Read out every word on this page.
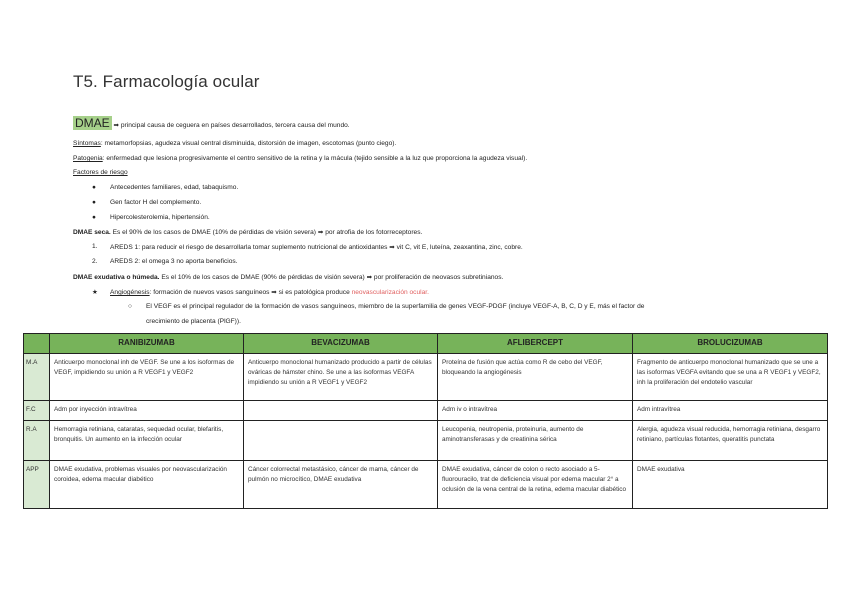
T5. Farmacología ocular
DMAE ➡ principal causa de ceguera en países desarrollados, tercera causa del mundo.
Síntomas: metamorfopsias, agudeza visual central disminuida, distorsión de imagen, escotomas (punto ciego).
Patogenia: enfermedad que lesiona progresivamente el centro sensitivo de la retina y la mácula (tejido sensible a la luz que proporciona la agudeza visual).
Factores de riesgo
● Antecedentes familiares, edad, tabaquismo.
● Gen factor H del complemento.
● Hipercolesterolemia, hipertensión.
DMAE seca. Es el 90% de los casos de DMAE (10% de pérdidas de visión severa) ➡ por atrofia de los fotorreceptores.
1. AREDS 1: para reducir el riesgo de desarrollarla tomar suplemento nutricional de antioxidantes ➡ vit C, vit E, luteína, zeaxantina, zinc, cobre.
2. AREDS 2: el omega 3 no aporta beneficios.
DMAE exudativa o húmeda. Es el 10% de los casos de DMAE (90% de pérdidas de visión severa) ➡ por proliferación de neovasos subretinianos.
★ Angiogénesis: formación de nuevos vasos sanguíneos ➡ si es patológica produce neovascularización ocular.
○ El VEGF es el principal regulador de la formación de vasos sanguíneos, miembro de la superfamilia de genes VEGF-PDGF (incluye VEGF-A, B, C, D y E, más el factor de
crecimiento de placenta (PlGF)).
	RANIBIZUMAB	BEVACIZUMAB	AFLIBERCEPT	BROLUCIZUMAB
M.A	Anticuerpo monoclonal inh de VEGF. Se une a los isoformas de VEGF, impidiendo su unión a R VEGF1 y VEGF2	Anticuerpo monoclonal humanizado producido a partir de células ováricas de hámster chino. Se une a las isoformas VEGFA impidiendo su unión a R VEGF1 y VEGF2	Proteína de fusión que actúa como R de cebo del VEGF, bloqueando la angiogénesis	Fragmento de anticuerpo monoclonal humanizado que se une a las isoformas VEGFA evitando que se una a R VEGF1 y VEGF2, inh la proliferación del endotelio vascular
F.C	Adm por inyección intravítrea		Adm iv o intravítrea	Adm intravítrea
R.A	Hemorragia retiniana, cataratas, sequedad ocular, blefaritis, bronquitis. Un aumento en la infección ocular		Leucopenia, neutropenia, proteinuria, aumento de aminotransferasas y de creatinina sérica	Alergia, agudeza visual reducida, hemorragia retiniana, desgarro retiniano, partículas flotantes, queratitis punctata
APP	DMAE exudativa, problemas visuales por neovascularización coroidea, edema macular diabético	Cáncer colorrectal metastásico, cáncer de mama, cáncer de pulmón no microcítico, DMAE exudativa	DMAE exudativa, cáncer de colon o recto asociado a 5-fluorouracilo, trat de deficiencia visual por edema macular 2° a oclusión de la vena central de la retina, edema macular diabético	DMAE exudativa
